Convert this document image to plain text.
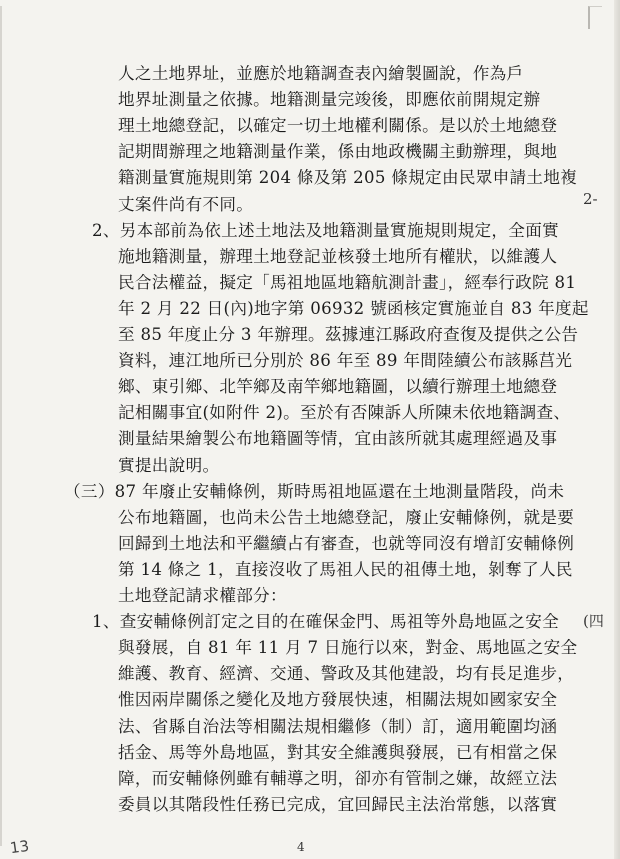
人之土地界址，並應於地籍調查表內繪製圖說，作為戶
地界址測量之依據。地籍測量完竣後，即應依前開規定辦
理土地總登記，以確定一切土地權利關係。是以於土地總登
記期間辦理之地籍測量作業，係由地政機關主動辦理，與地
籍測量實施規則第 204 條及第 205 條規定由民眾申請土地複
丈案件尚有不同。
2、另本部前為依上述土地法及地籍測量實施規則規定，全面實
施地籍測量，辦理土地登記並核發土地所有權狀，以維護人
民合法權益，擬定「馬祖地區地籍航測計畫」，經奉行政院 81
年 2 月 22 日(內)地字第 06932 號函核定實施並自 83 年度起
至 85 年度止分 3 年辦理。茲據連江縣政府查復及提供之公告
資料，連江地所已分別於 86 年至 89 年間陸續公布該縣莒光
鄉、東引鄉、北竿鄉及南竿鄉地籍圖，以續行辦理土地總登
記相關事宜(如附件 2)。至於有否陳訴人所陳未依地籍調查、
測量結果繪製公布地籍圖等情，宜由該所就其處理經過及事
實提出說明。
（三）87 年廢止安輔條例，斯時馬祖地區還在土地測量階段，尚未
公布地籍圖，也尚未公告土地總登記，廢止安輔條例，就是要
回歸到土地法和平繼續占有審查，也就等同沒有增訂安輔條例
第 14 條之 1，直接沒收了馬祖人民的祖傳土地，剝奪了人民
土地登記請求權部分：
1、查安輔條例訂定之目的在確保金門、馬祖等外島地區之安全
與發展，自 81 年 11 月 7 日施行以來，對金、馬地區之安全
維護、教育、經濟、交通、警政及其他建設，均有長足進步，
惟因兩岸關係之變化及地方發展快速，相關法規如國家安全
法、省縣自治法等相關法規相繼修（制）訂，適用範圍均涵
括金、馬等外島地區，對其安全維護與發展，已有相當之保
障，而安輔條例雖有輔導之明，卻亦有管制之嫌，故經立法
委員以其階段性任務已完成，宜回歸民主法治常態，以落實
2-
(四
4
13
